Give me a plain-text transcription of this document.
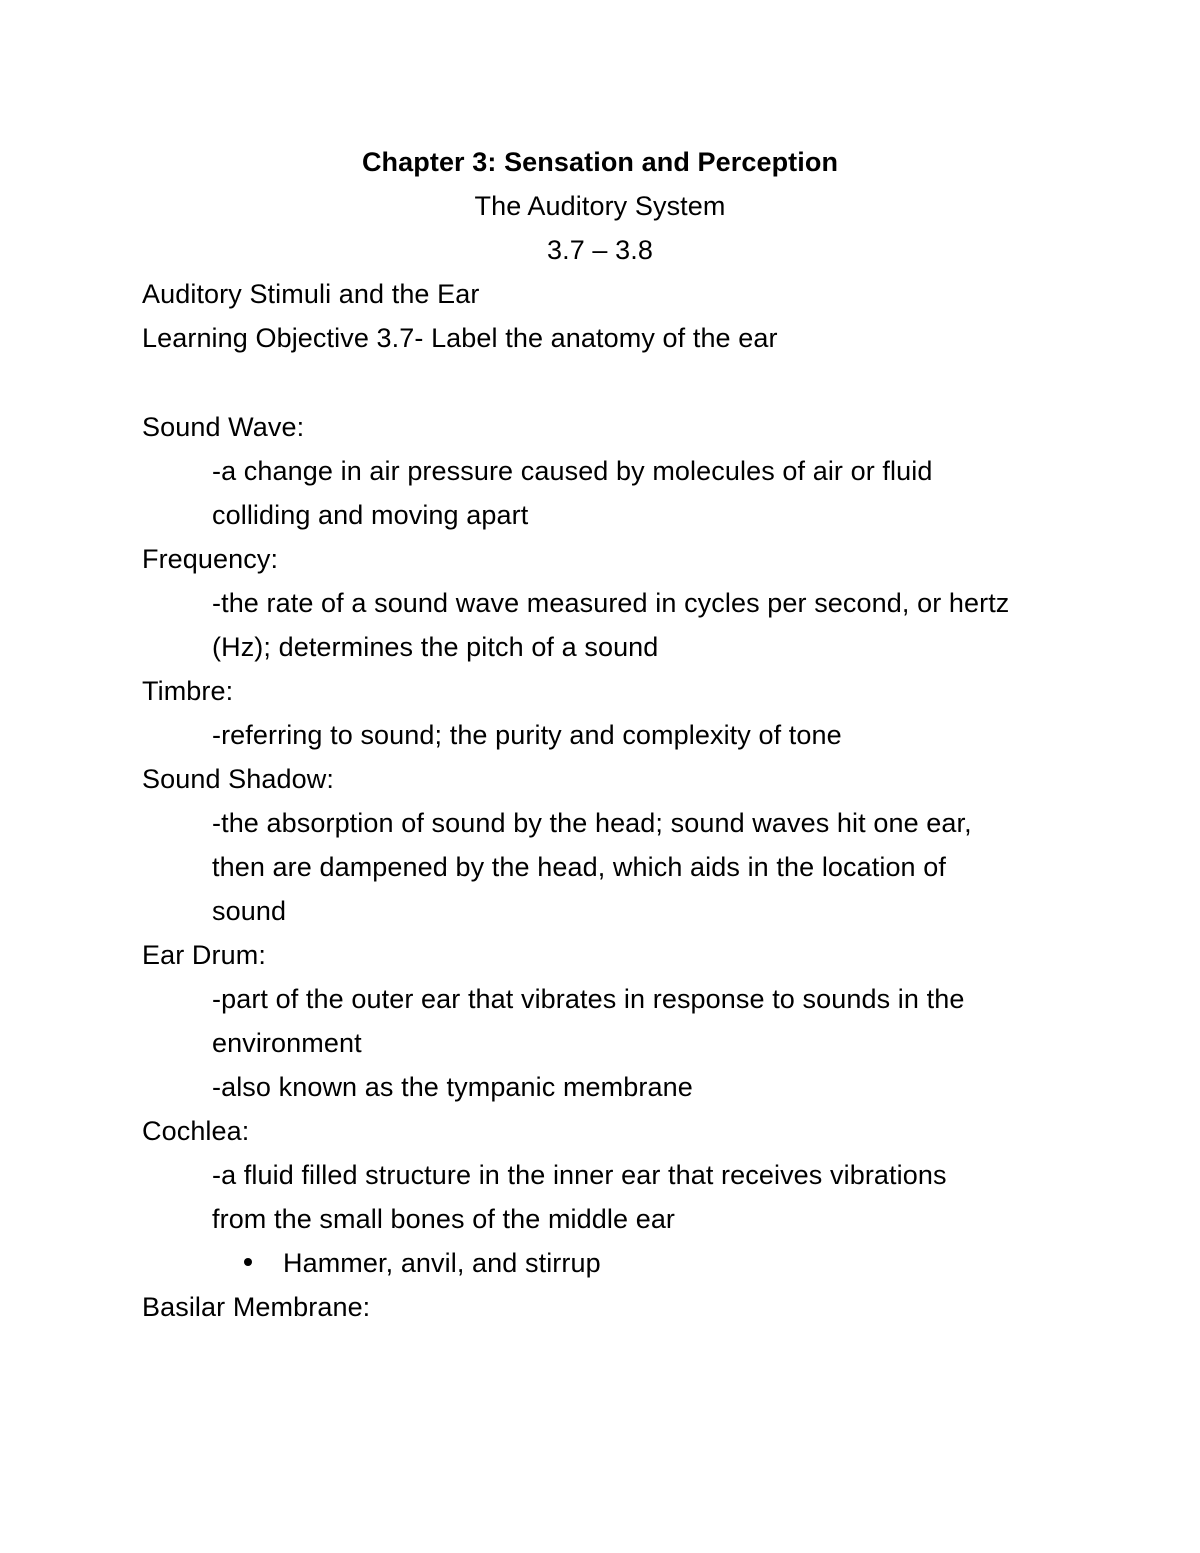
Chapter 3: Sensation and Perception
The Auditory System
3.7 – 3.8
Auditory Stimuli and the Ear
Learning Objective 3.7- Label the anatomy of the ear
Sound Wave:
-a change in air pressure caused by molecules of air or fluid
colliding and moving apart
Frequency:
-the rate of a sound wave measured in cycles per second, or hertz
(Hz); determines the pitch of a sound
Timbre:
-referring to sound; the purity and complexity of tone
Sound Shadow:
-the absorption of sound by the head; sound waves hit one ear,
then are dampened by the head, which aids in the location of
sound
Ear Drum:
-part of the outer ear that vibrates in response to sounds in the
environment
-also known as the tympanic membrane
Cochlea:
-a fluid filled structure in the inner ear that receives vibrations
from the small bones of the middle ear
Hammer, anvil, and stirrup
Basilar Membrane:
